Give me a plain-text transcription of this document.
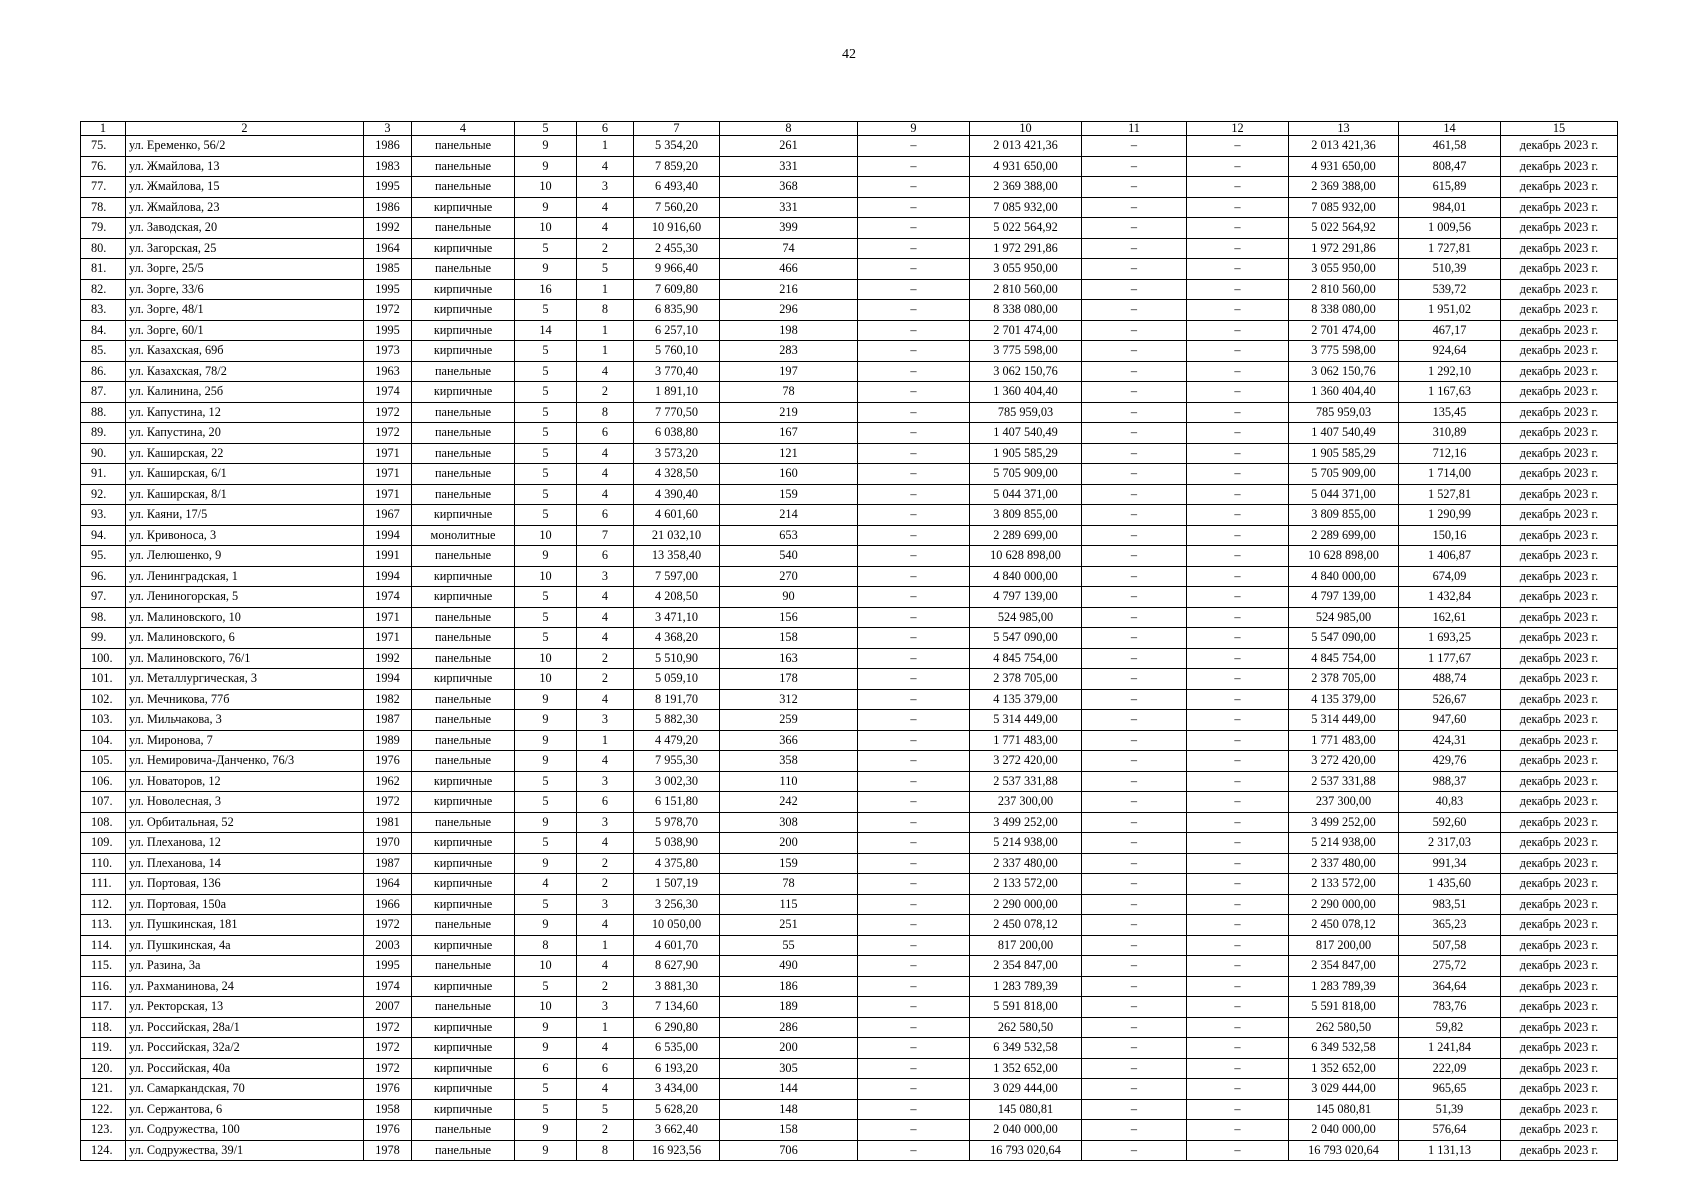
42
1	2	3	4	5	6	7	8	9	10	11	12	13	14	15
75.	ул. Еременко, 56/2	1986	панельные	9	1	5 354,20	261	–	2 013 421,36	–	–	2 013 421,36	461,58	декабрь 2023 г.
76.	ул. Жмайлова, 13	1983	панельные	9	4	7 859,20	331	–	4 931 650,00	–	–	4 931 650,00	808,47	декабрь 2023 г.
77.	ул. Жмайлова, 15	1995	панельные	10	3	6 493,40	368	–	2 369 388,00	–	–	2 369 388,00	615,89	декабрь 2023 г.
78.	ул. Жмайлова, 23	1986	кирпичные	9	4	7 560,20	331	–	7 085 932,00	–	–	7 085 932,00	984,01	декабрь 2023 г.
79.	ул. Заводская, 20	1992	панельные	10	4	10 916,60	399	–	5 022 564,92	–	–	5 022 564,92	1 009,56	декабрь 2023 г.
80.	ул. Загорская, 25	1964	кирпичные	5	2	2 455,30	74	–	1 972 291,86	–	–	1 972 291,86	1 727,81	декабрь 2023 г.
81.	ул. Зорге, 25/5	1985	панельные	9	5	9 966,40	466	–	3 055 950,00	–	–	3 055 950,00	510,39	декабрь 2023 г.
82.	ул. Зорге, 33/6	1995	кирпичные	16	1	7 609,80	216	–	2 810 560,00	–	–	2 810 560,00	539,72	декабрь 2023 г.
83.	ул. Зорге, 48/1	1972	кирпичные	5	8	6 835,90	296	–	8 338 080,00	–	–	8 338 080,00	1 951,02	декабрь 2023 г.
84.	ул. Зорге, 60/1	1995	кирпичные	14	1	6 257,10	198	–	2 701 474,00	–	–	2 701 474,00	467,17	декабрь 2023 г.
85.	ул. Казахская, 69б	1973	кирпичные	5	1	5 760,10	283	–	3 775 598,00	–	–	3 775 598,00	924,64	декабрь 2023 г.
86.	ул. Казахская, 78/2	1963	панельные	5	4	3 770,40	197	–	3 062 150,76	–	–	3 062 150,76	1 292,10	декабрь 2023 г.
87.	ул. Калинина, 25б	1974	кирпичные	5	2	1 891,10	78	–	1 360 404,40	–	–	1 360 404,40	1 167,63	декабрь 2023 г.
88.	ул. Капустина, 12	1972	панельные	5	8	7 770,50	219	–	785 959,03	–	–	785 959,03	135,45	декабрь 2023 г.
89.	ул. Капустина, 20	1972	панельные	5	6	6 038,80	167	–	1 407 540,49	–	–	1 407 540,49	310,89	декабрь 2023 г.
90.	ул. Каширская, 22	1971	панельные	5	4	3 573,20	121	–	1 905 585,29	–	–	1 905 585,29	712,16	декабрь 2023 г.
91.	ул. Каширская, 6/1	1971	панельные	5	4	4 328,50	160	–	5 705 909,00	–	–	5 705 909,00	1 714,00	декабрь 2023 г.
92.	ул. Каширская, 8/1	1971	панельные	5	4	4 390,40	159	–	5 044 371,00	–	–	5 044 371,00	1 527,81	декабрь 2023 г.
93.	ул. Каяни, 17/5	1967	кирпичные	5	6	4 601,60	214	–	3 809 855,00	–	–	3 809 855,00	1 290,99	декабрь 2023 г.
94.	ул. Кривоноса, 3	1994	монолитные	10	7	21 032,10	653	–	2 289 699,00	–	–	2 289 699,00	150,16	декабрь 2023 г.
95.	ул. Лелюшенко, 9	1991	панельные	9	6	13 358,40	540	–	10 628 898,00	–	–	10 628 898,00	1 406,87	декабрь 2023 г.
96.	ул. Ленинградская, 1	1994	кирпичные	10	3	7 597,00	270	–	4 840 000,00	–	–	4 840 000,00	674,09	декабрь 2023 г.
97.	ул. Лениногорская, 5	1974	кирпичные	5	4	4 208,50	90	–	4 797 139,00	–	–	4 797 139,00	1 432,84	декабрь 2023 г.
98.	ул. Малиновского, 10	1971	панельные	5	4	3 471,10	156	–	524 985,00	–	–	524 985,00	162,61	декабрь 2023 г.
99.	ул. Малиновского, 6	1971	панельные	5	4	4 368,20	158	–	5 547 090,00	–	–	5 547 090,00	1 693,25	декабрь 2023 г.
100.	ул. Малиновского, 76/1	1992	панельные	10	2	5 510,90	163	–	4 845 754,00	–	–	4 845 754,00	1 177,67	декабрь 2023 г.
101.	ул. Металлургическая, 3	1994	кирпичные	10	2	5 059,10	178	–	2 378 705,00	–	–	2 378 705,00	488,74	декабрь 2023 г.
102.	ул. Мечникова, 77б	1982	панельные	9	4	8 191,70	312	–	4 135 379,00	–	–	4 135 379,00	526,67	декабрь 2023 г.
103.	ул. Мильчакова, 3	1987	панельные	9	3	5 882,30	259	–	5 314 449,00	–	–	5 314 449,00	947,60	декабрь 2023 г.
104.	ул. Миронова, 7	1989	панельные	9	1	4 479,20	366	–	1 771 483,00	–	–	1 771 483,00	424,31	декабрь 2023 г.
105.	ул. Немировича-Данченко, 76/3	1976	панельные	9	4	7 955,30	358	–	3 272 420,00	–	–	3 272 420,00	429,76	декабрь 2023 г.
106.	ул. Новаторов, 12	1962	кирпичные	5	3	3 002,30	110	–	2 537 331,88	–	–	2 537 331,88	988,37	декабрь 2023 г.
107.	ул. Новолесная, 3	1972	кирпичные	5	6	6 151,80	242	–	237 300,00	–	–	237 300,00	40,83	декабрь 2023 г.
108.	ул. Орбитальная, 52	1981	панельные	9	3	5 978,70	308	–	3 499 252,00	–	–	3 499 252,00	592,60	декабрь 2023 г.
109.	ул. Плеханова, 12	1970	кирпичные	5	4	5 038,90	200	–	5 214 938,00	–	–	5 214 938,00	2 317,03	декабрь 2023 г.
110.	ул. Плеханова, 14	1987	кирпичные	9	2	4 375,80	159	–	2 337 480,00	–	–	2 337 480,00	991,34	декабрь 2023 г.
111.	ул. Портовая, 136	1964	кирпичные	4	2	1 507,19	78	–	2 133 572,00	–	–	2 133 572,00	1 435,60	декабрь 2023 г.
112.	ул. Портовая, 150а	1966	кирпичные	5	3	3 256,30	115	–	2 290 000,00	–	–	2 290 000,00	983,51	декабрь 2023 г.
113.	ул. Пушкинская, 181	1972	панельные	9	4	10 050,00	251	–	2 450 078,12	–	–	2 450 078,12	365,23	декабрь 2023 г.
114.	ул. Пушкинская, 4а	2003	кирпичные	8	1	4 601,70	55	–	817 200,00	–	–	817 200,00	507,58	декабрь 2023 г.
115.	ул. Разина, 3а	1995	панельные	10	4	8 627,90	490	–	2 354 847,00	–	–	2 354 847,00	275,72	декабрь 2023 г.
116.	ул. Рахманинова, 24	1974	кирпичные	5	2	3 881,30	186	–	1 283 789,39	–	–	1 283 789,39	364,64	декабрь 2023 г.
117.	ул. Ректорская, 13	2007	панельные	10	3	7 134,60	189	–	5 591 818,00	–	–	5 591 818,00	783,76	декабрь 2023 г.
118.	ул. Российская, 28а/1	1972	кирпичные	9	1	6 290,80	286	–	262 580,50	–	–	262 580,50	59,82	декабрь 2023 г.
119.	ул. Российская, 32а/2	1972	кирпичные	9	4	6 535,00	200	–	6 349 532,58	–	–	6 349 532,58	1 241,84	декабрь 2023 г.
120.	ул. Российская, 40а	1972	кирпичные	6	6	6 193,20	305	–	1 352 652,00	–	–	1 352 652,00	222,09	декабрь 2023 г.
121.	ул. Самаркандская, 70	1976	кирпичные	5	4	3 434,00	144	–	3 029 444,00	–	–	3 029 444,00	965,65	декабрь 2023 г.
122.	ул. Сержантова, 6	1958	кирпичные	5	5	5 628,20	148	–	145 080,81	–	–	145 080,81	51,39	декабрь 2023 г.
123.	ул. Содружества, 100	1976	панельные	9	2	3 662,40	158	–	2 040 000,00	–	–	2 040 000,00	576,64	декабрь 2023 г.
124.	ул. Содружества, 39/1	1978	панельные	9	8	16 923,56	706	–	16 793 020,64	–	–	16 793 020,64	1 131,13	декабрь 2023 г.
